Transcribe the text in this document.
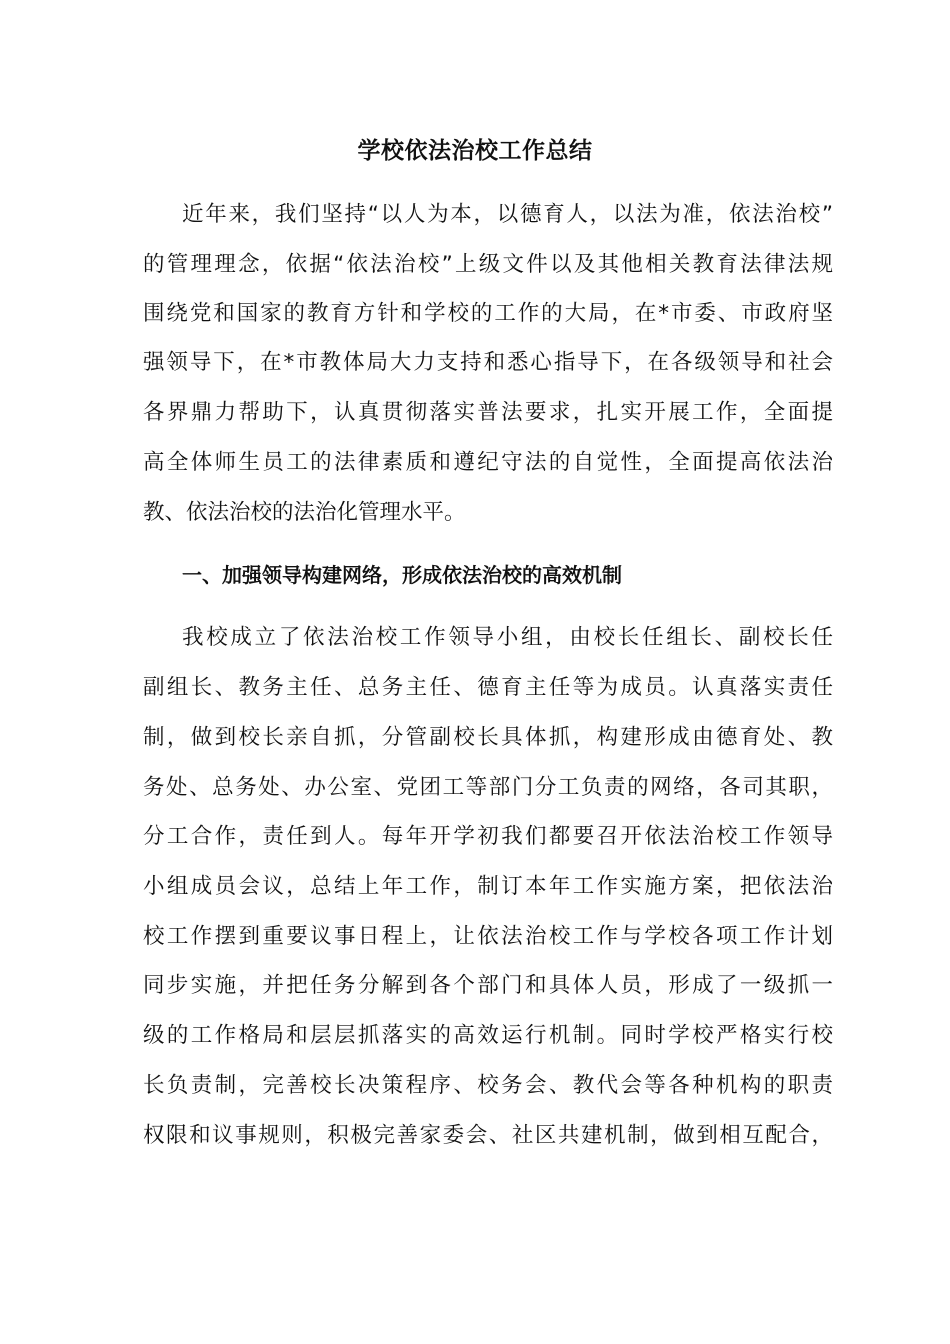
学校依法治校工作总结
近年来，我们坚持“以人为本，以德育人，以法为准，依法治校”
的管理理念，依据“依法治校”上级文件以及其他相关教育法律法规
围绕党和国家的教育方针和学校的工作的大局，在*市委、市政府坚
强领导下，在*市教体局大力支持和悉心指导下，在各级领导和社会
各界鼎力帮助下，认真贯彻落实普法要求，扎实开展工作，全面提
高全体师生员工的法律素质和遵纪守法的自觉性，全面提高依法治
教、依法治校的法治化管理水平。
一、加强领导构建网络，形成依法治校的高效机制
我校成立了依法治校工作领导小组，由校长任组长、副校长任
副组长、教务主任、总务主任、德育主任等为成员。认真落实责任
制，做到校长亲自抓，分管副校长具体抓，构建形成由德育处、教
务处、总务处、办公室、党团工等部门分工负责的网络，各司其职，
分工合作，责任到人。每年开学初我们都要召开依法治校工作领导
小组成员会议，总结上年工作，制订本年工作实施方案，把依法治
校工作摆到重要议事日程上，让依法治校工作与学校各项工作计划
同步实施，并把任务分解到各个部门和具体人员，形成了一级抓一
级的工作格局和层层抓落实的高效运行机制。同时学校严格实行校
长负责制，完善校长决策程序、校务会、教代会等各种机构的职责
权限和议事规则，积极完善家委会、社区共建机制，做到相互配合，
